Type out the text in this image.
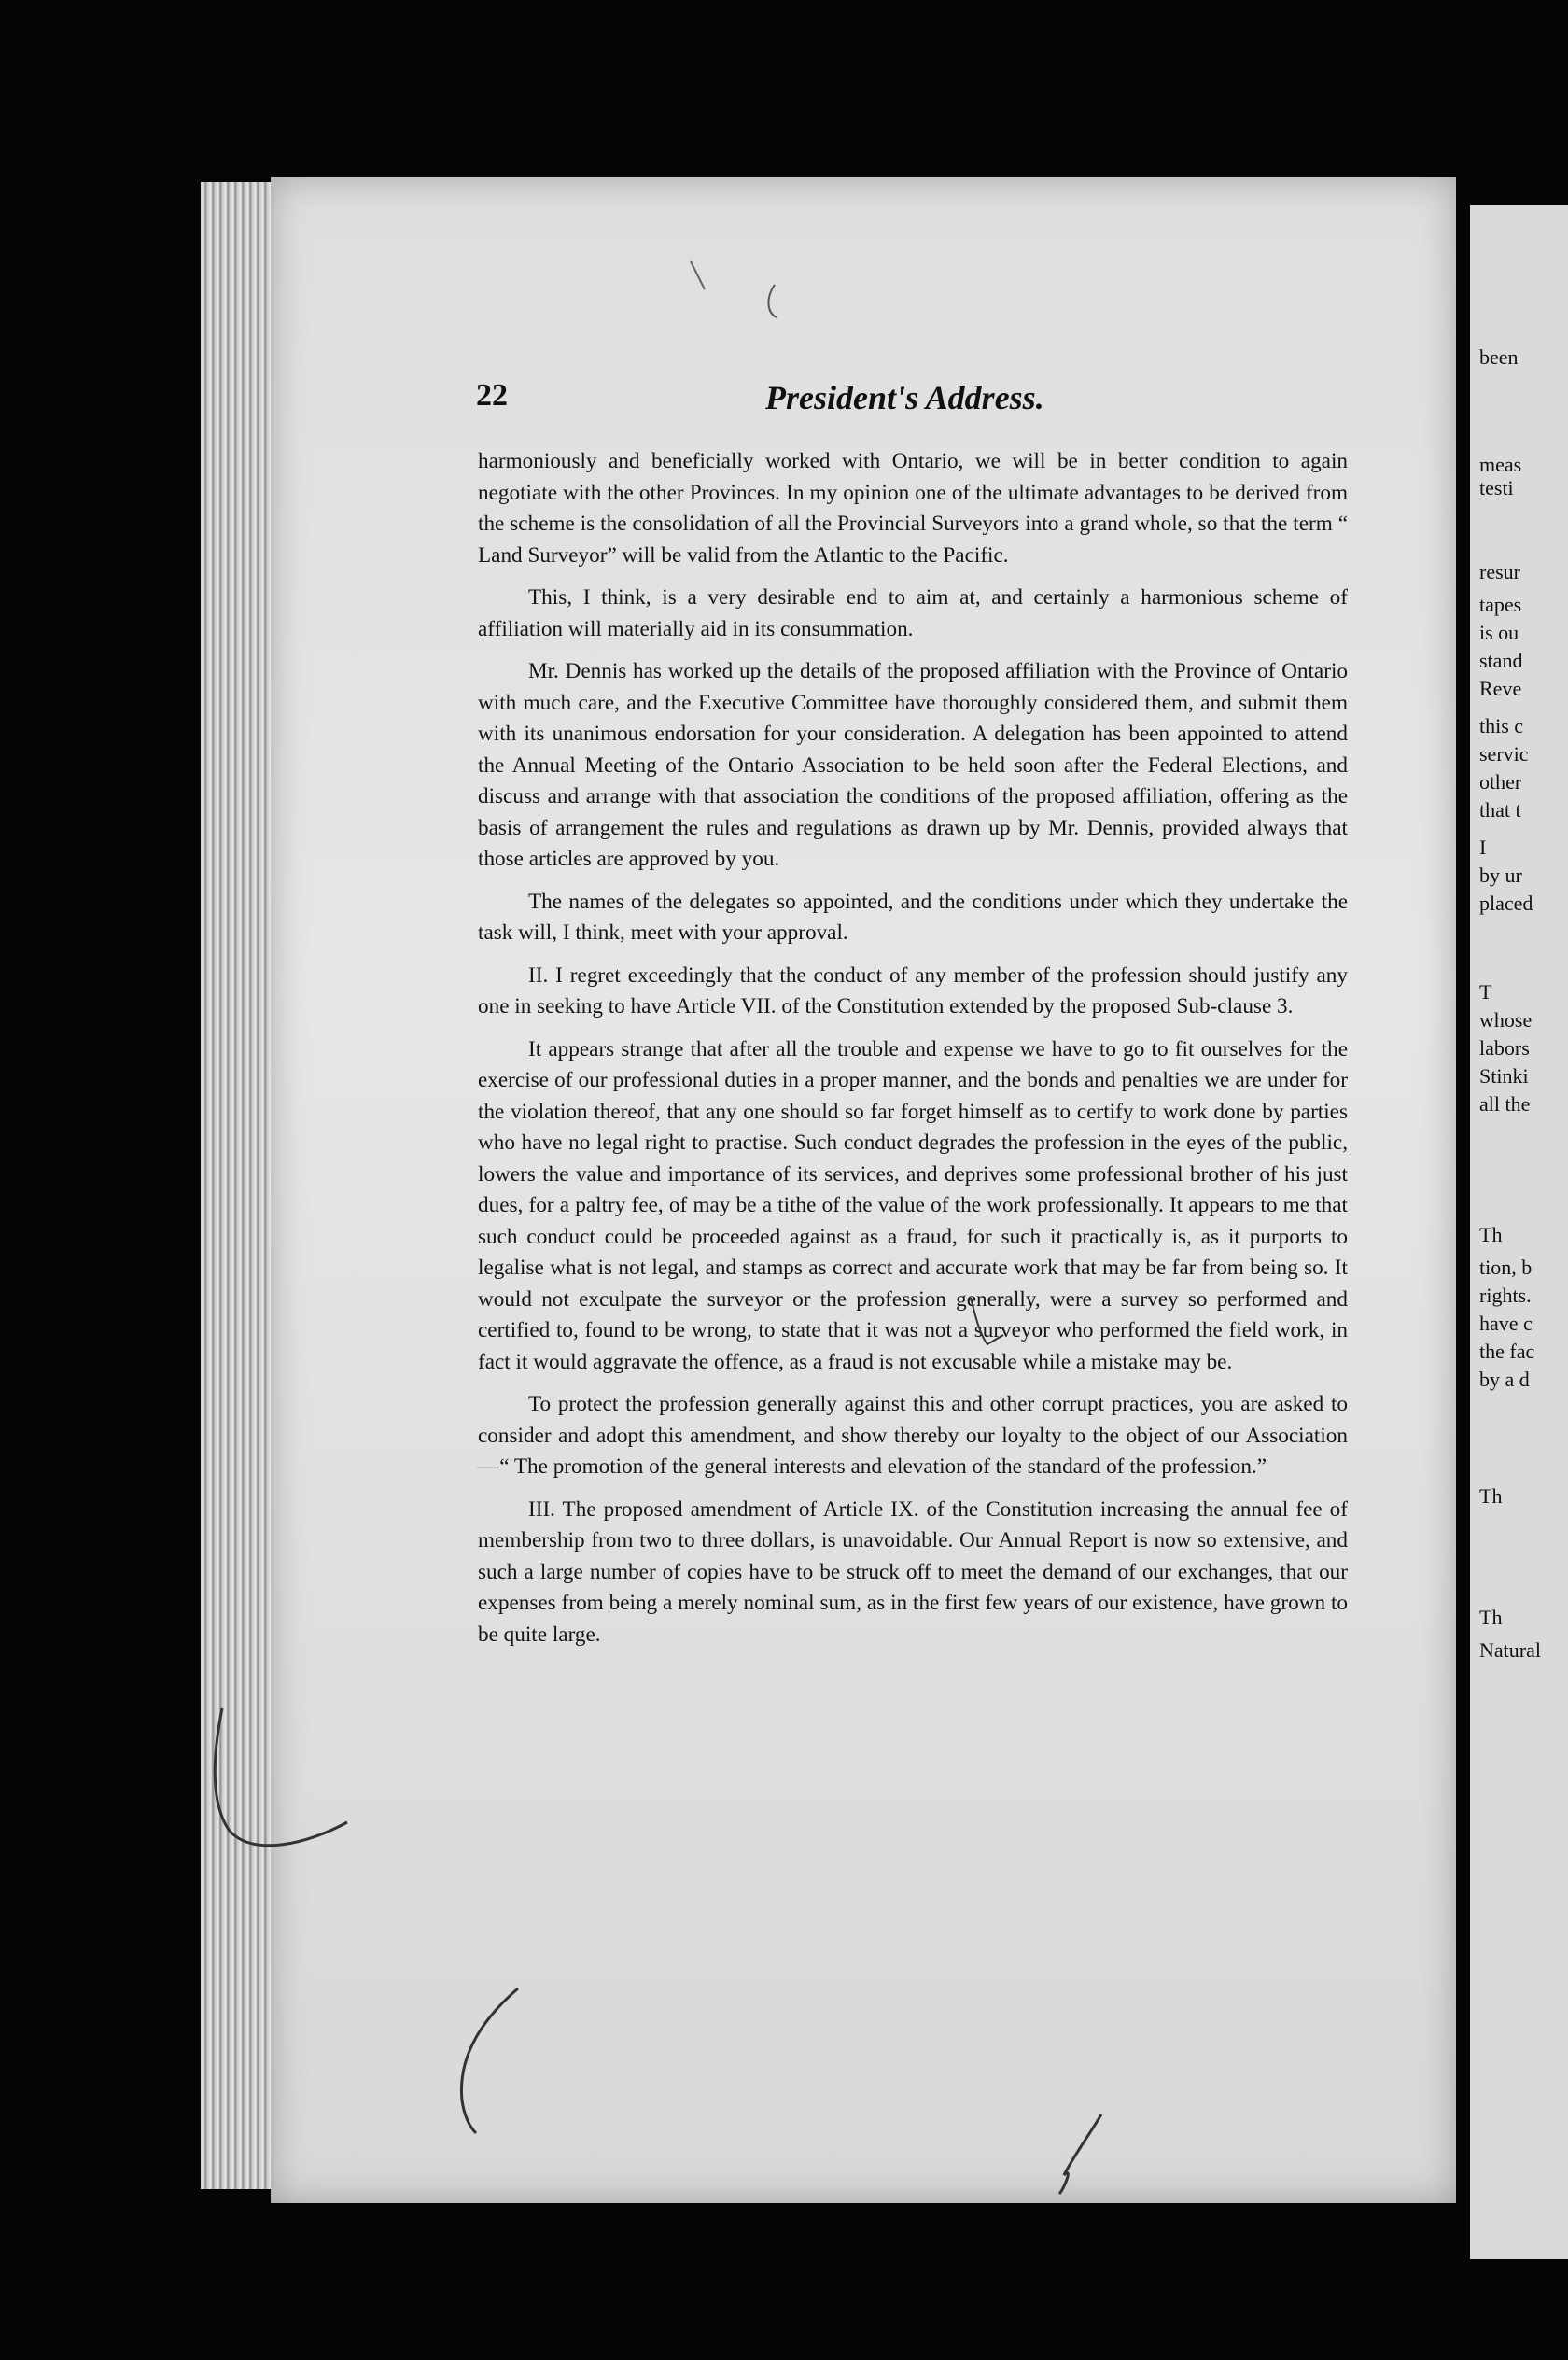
been
meas
testi
resur
tapes
is ou
stand
Reve
this c
servic
other
that t
I
by ur
placed
T
whose
labors
Stinki
all the
Th
tion, b
rights.
have c
the fac
by a d
Th
Th
Natural
22	President's Address.

harmoniously and beneficially worked with Ontario, we will be in better condition to again negotiate with the other Provinces. In my opinion one of the ultimate advantages to be derived from the scheme is the consolidation of all the Provincial Surveyors into a grand whole, so that the term “ Land Surveyor” will be valid from the Atlantic to the Pacific.

This, I think, is a very desirable end to aim at, and certainly a harmonious scheme of affiliation will materially aid in its consummation.

Mr. Dennis has worked up the details of the proposed affiliation with the Province of Ontario with much care, and the Executive Committee have thoroughly considered them, and submit them with its unanimous endorsation for your consideration. A delegation has been appointed to attend the Annual Meeting of the Ontario Association to be held soon after the Federal Elections, and discuss and arrange with that association the conditions of the proposed affiliation, offering as the basis of arrangement the rules and regulations as drawn up by Mr. Dennis, provided always that those articles are approved by you.

The names of the delegates so appointed, and the conditions under which they undertake the task will, I think, meet with your approval.

II. I regret exceedingly that the conduct of any member of the profession should justify any one in seeking to have Article VII. of the Constitution extended by the proposed Sub-clause 3.

It appears strange that after all the trouble and expense we have to go to fit ourselves for the exercise of our professional duties in a proper manner, and the bonds and penalties we are under for the violation thereof, that any one should so far forget himself as to certify to work done by parties who have no legal right to practise. Such conduct degrades the profession in the eyes of the public, lowers the value and importance of its services, and deprives some professional brother of his just dues, for a paltry fee, of may be a tithe of the value of the work professionally. It appears to me that such conduct could be proceeded against as a fraud, for such it practically is, as it purports to legalise what is not legal, and stamps as correct and accurate work that may be far from being so. It would not exculpate the surveyor or the profession generally, were a survey so performed and certified to, found to be wrong, to state that it was not a surveyor who performed the field work, in fact it would aggravate the offence, as a fraud is not excusable while a mistake may be.

To protect the profession generally against this and other corrupt practices, you are asked to consider and adopt this amendment, and show thereby our loyalty to the object of our Association—“ The promotion of the general interests and elevation of the standard of the profession.”

III. The proposed amendment of Article IX. of the Constitution increasing the annual fee of membership from two to three dollars, is unavoidable. Our Annual Report is now so extensive, and such a large number of copies have to be struck off to meet the demand of our exchanges, that our expenses from being a merely nominal sum, as in the first few years of our existence, have grown to be quite large.
